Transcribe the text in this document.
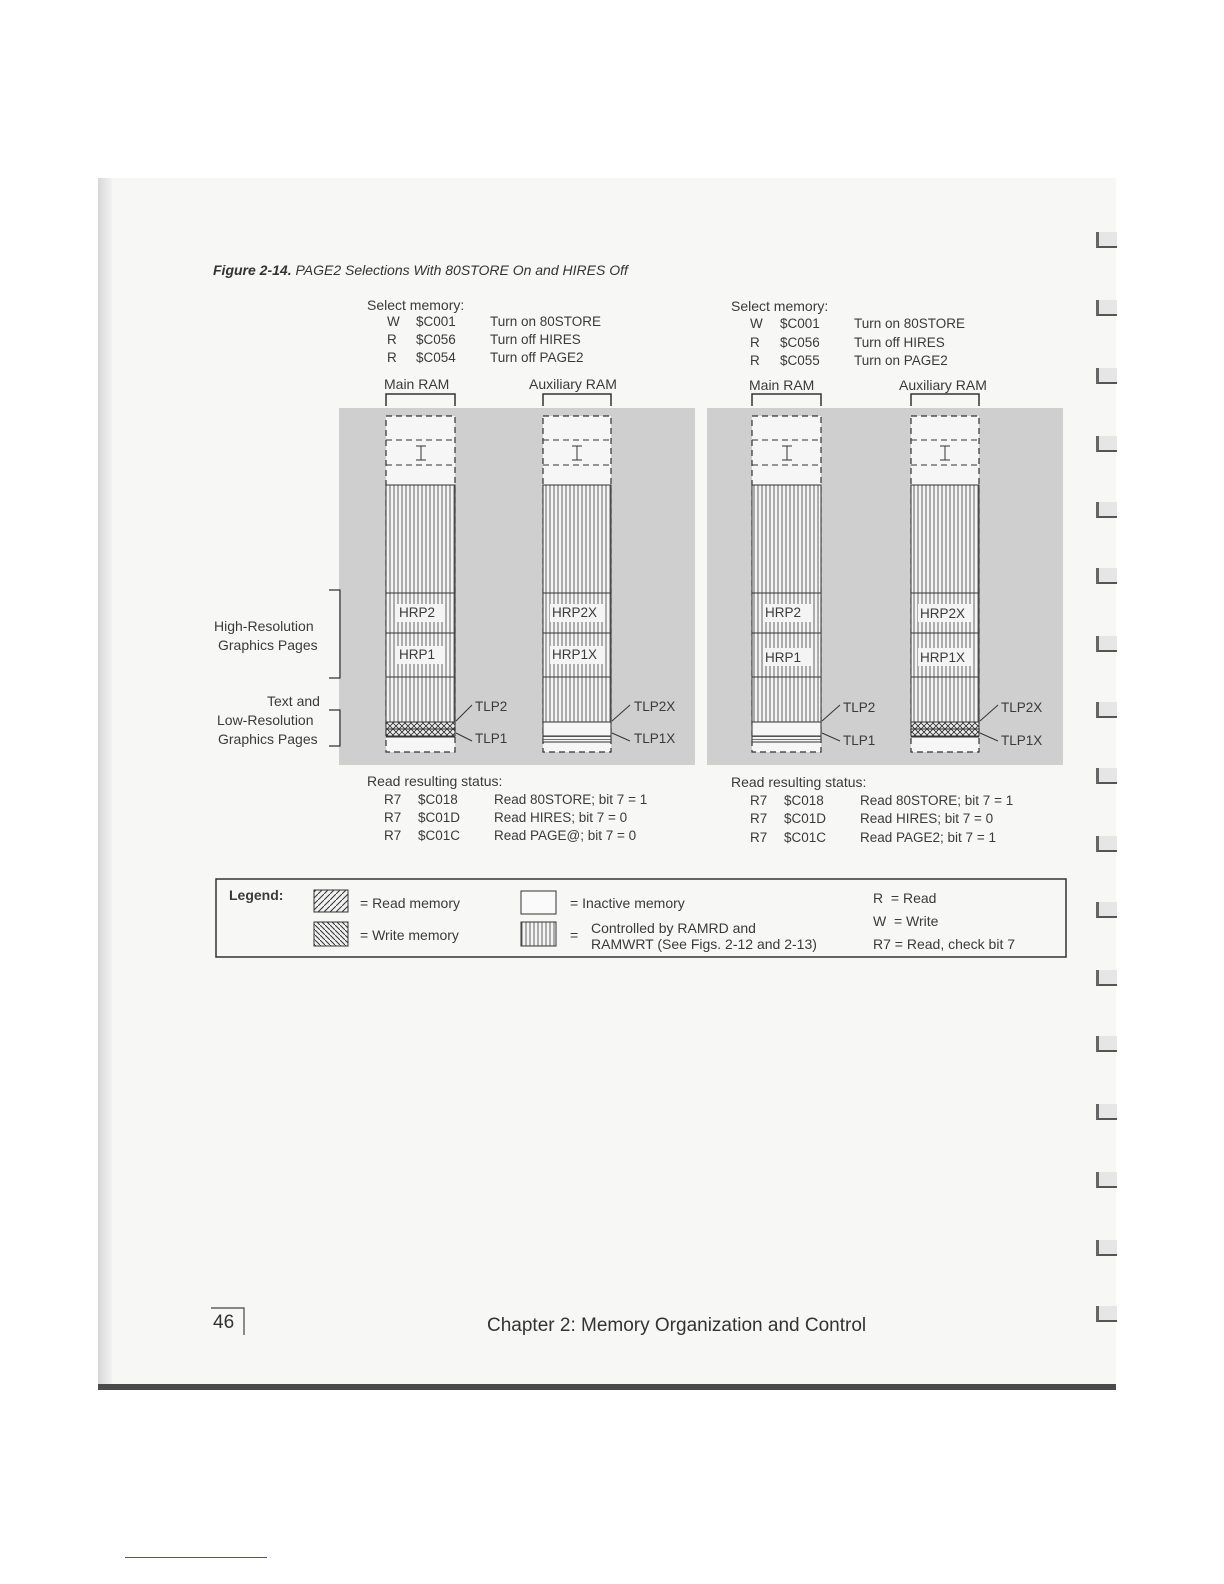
Figure 2-14. PAGE2 Selections With 80STORE On and HIRES Off
Select memory:
W $C001	Turn on 80STORE
R $C056	Turn off HIRES
R $C054	Turn off PAGE2
Main RAM	Auxiliary RAM
HRP2
HRP1
HRP2X
HRP1X
TLP2
TLP1
TLP2X
TLP1X
Read resulting status:
R7 $C018	Read 80STORE; bit 7 = 1
R7 $C01D	Read HIRES; bit 7 = 0
R7 $C01C	Read PAGE@; bit 7 = 0
Select memory:
W $C001	Turn on 80STORE
R $C056	Turn off HIRES
R $C055	Turn on PAGE2
Main RAM	Auxiliary RAM
HRP2
HRP1
HRP2X
HRP1X
TLP2
TLP1
TLP2X
TLP1X
Read resulting status:
R7 $C018	Read 80STORE; bit 7 = 1
R7 $C01D	Read HIRES; bit 7 = 0
R7 $C01C	Read PAGE2; bit 7 = 1
High-Resolution
Graphics Pages
Text and
Low-Resolution
Graphics Pages
Legend:	= Read memory
= Write memory
= Inactive memory
= Controlled by RAMRD and
RAMWRT (See Figs. 2-12 and 2-13)
R  = Read
W  = Write
R7 = Read, check bit 7
46	Chapter 2: Memory Organization and Control
